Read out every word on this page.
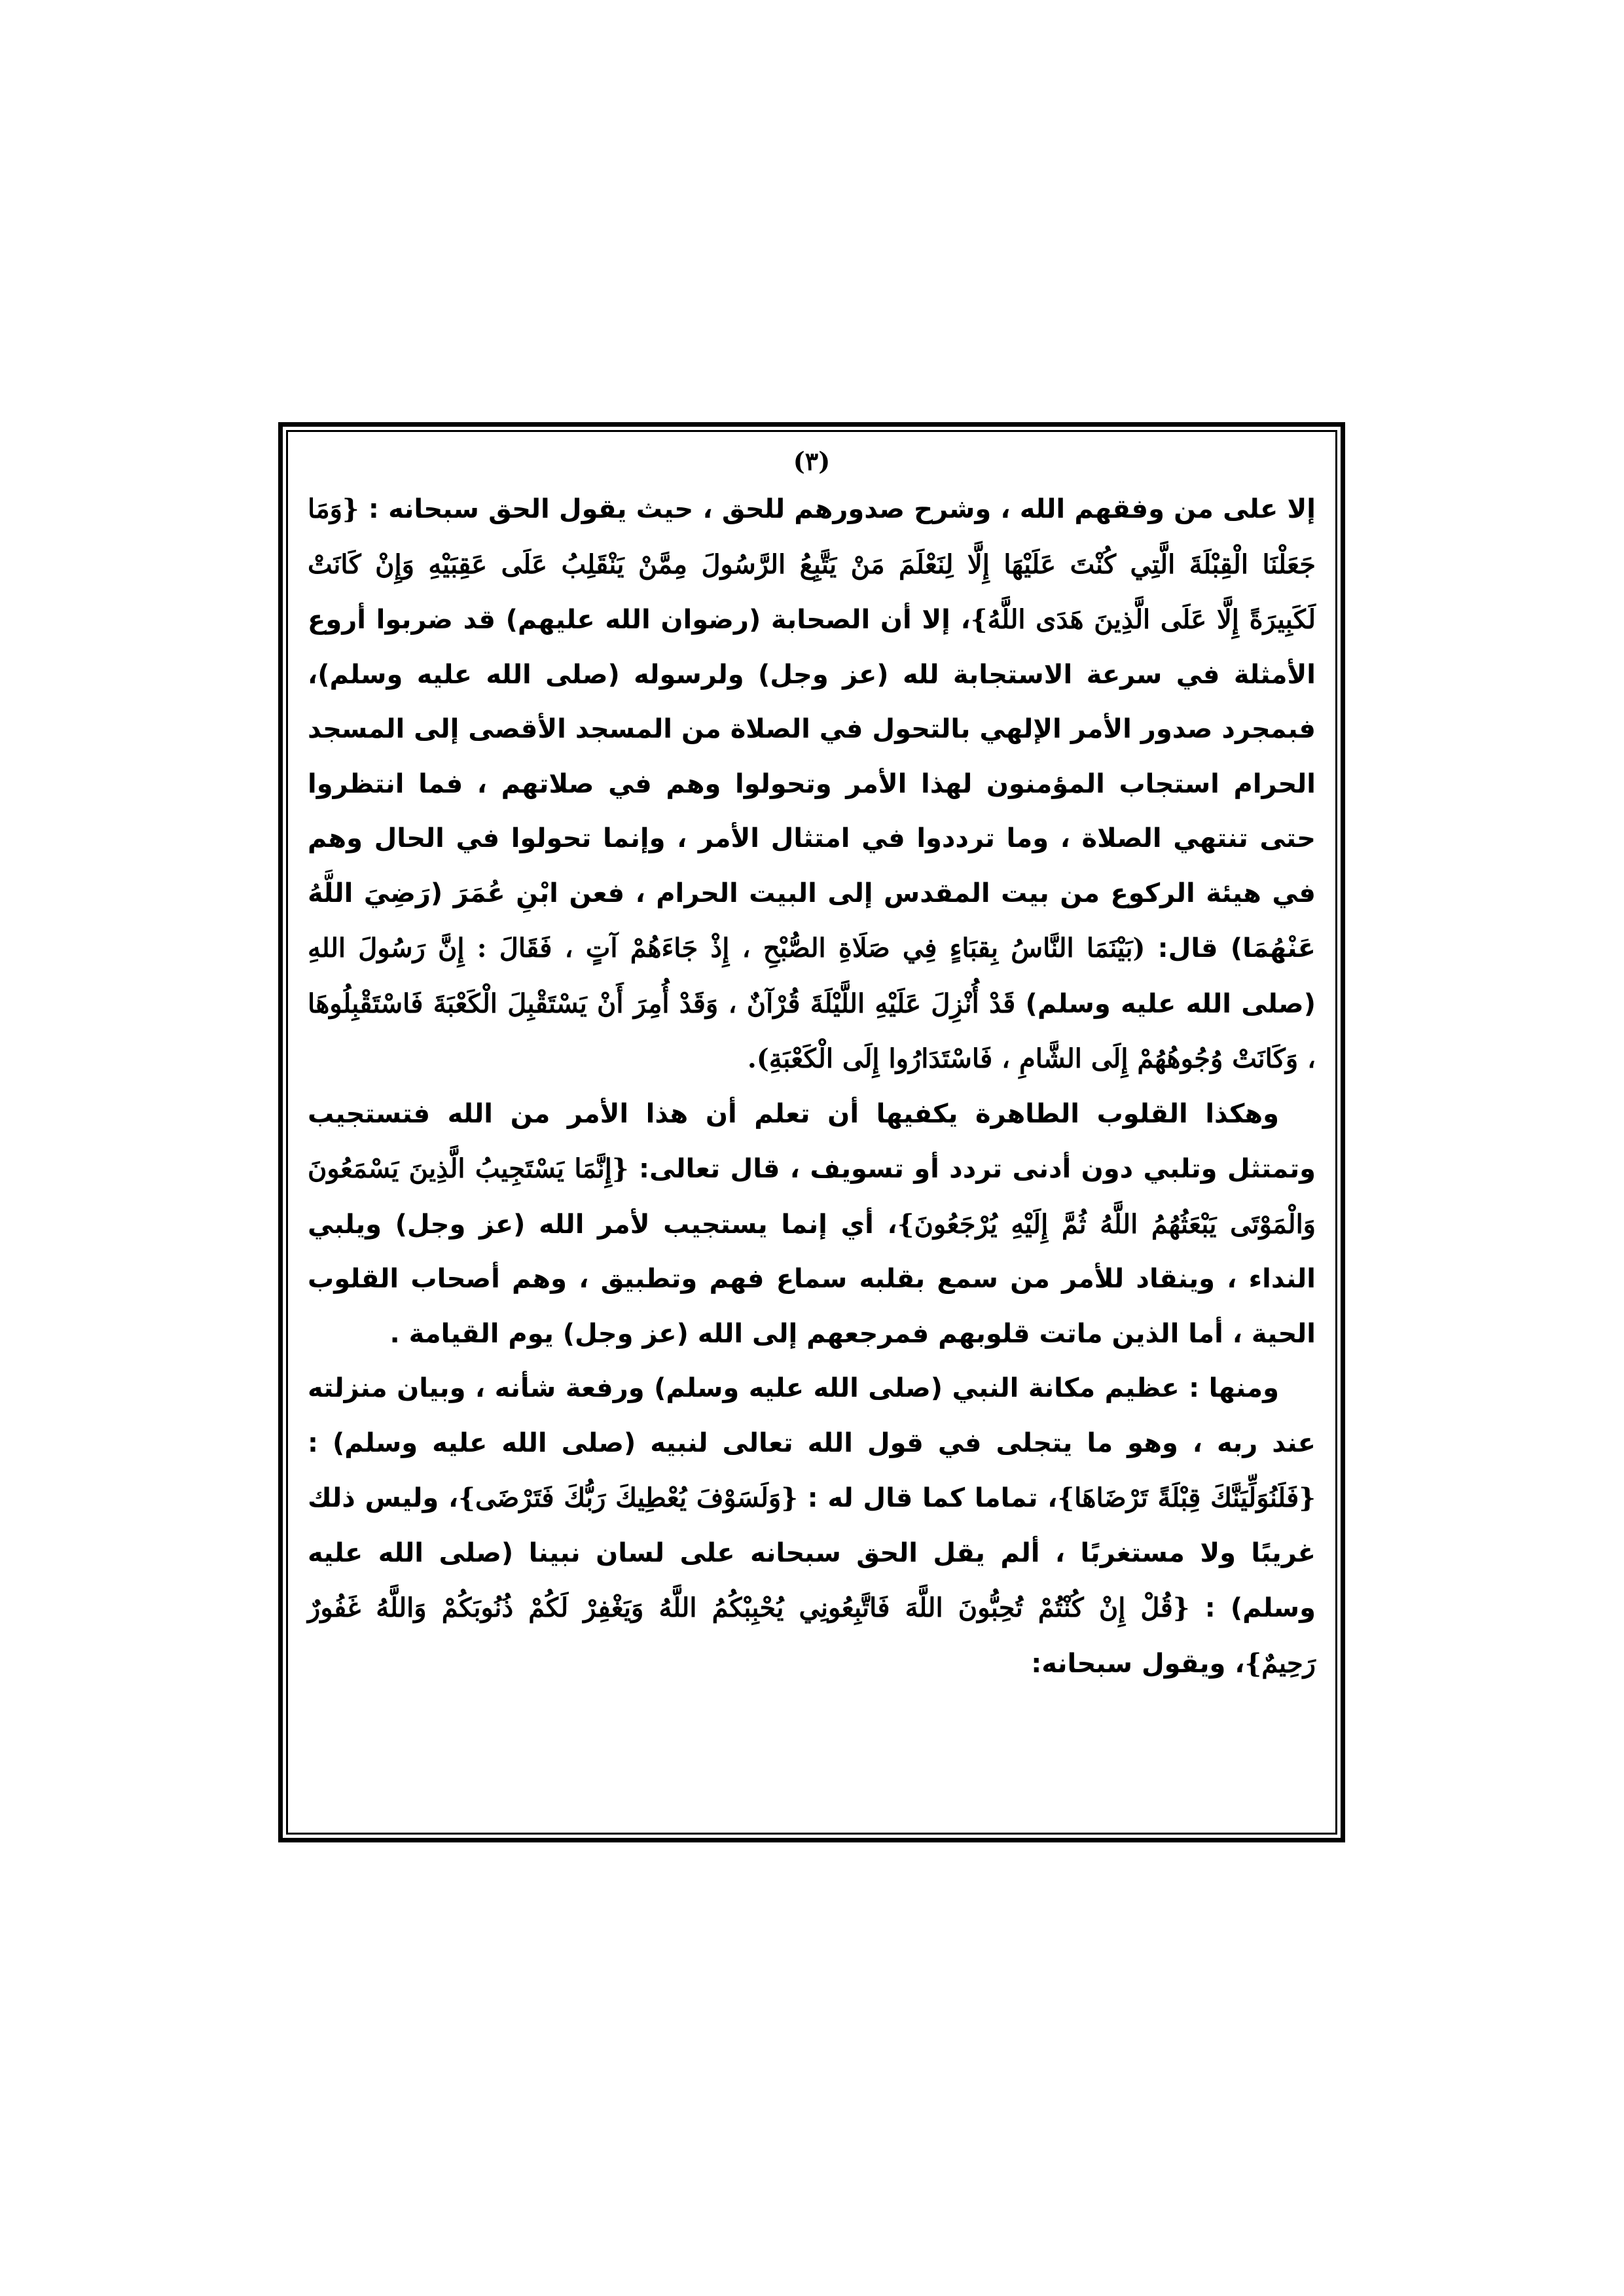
(٣)

إلا على من وفقهم الله ، وشرح صدورهم للحق ، حيث يقول الحق سبحانه : {وَمَا جَعَلْنَا الْقِبْلَةَ الَّتِي كُنْتَ عَلَيْهَا إِلَّا لِنَعْلَمَ مَنْ يَتَّبِعُ الرَّسُولَ مِمَّنْ يَنْقَلِبُ عَلَى عَقِبَيْهِ وَإِنْ كَانَتْ لَكَبِيرَةً إِلَّا عَلَى الَّذِينَ هَدَى اللَّهُ}، إلا أن الصحابة (رضوان الله عليهم) قد ضربوا أروع الأمثلة في سرعة الاستجابة لله (عز وجل) ولرسوله (صلى الله عليه وسلم)، فبمجرد صدور الأمر الإلهي بالتحول في الصلاة من المسجد الأقصى إلى المسجد الحرام استجاب المؤمنون لهذا الأمر وتحولوا وهم في صلاتهم ، فما انتظروا حتى تنتهي الصلاة ، وما ترددوا في امتثال الأمر ، وإنما تحولوا في الحال وهم في هيئة الركوع من بيت المقدس إلى البيت الحرام ، فعن ابْنِ عُمَرَ (رَضِيَ اللَّهُ عَنْهُمَا) قال: (بَيْنَمَا النَّاسُ بِقبَاءٍ فِي صَلَاةِ الصُّبْحِ ، إِذْ جَاءَهُمْ آتٍ ، فَقَالَ : إِنَّ رَسُولَ اللهِ (صلى الله عليه وسلم) قَدْ أُنْزِلَ عَلَيْهِ اللَّيْلَةَ قُرْآنٌ ، وَقَدْ أُمِرَ أَنْ يَسْتَقْبِلَ الْكَعْبَةَ فَاسْتَقْبِلُوهَا ، وَكَانَتْ وُجُوهُهُمْ إِلَى الشَّامِ ، فَاسْتَدَارُوا إِلَى الْكَعْبَةِ).

وهكذا القلوب الطاهرة يكفيها أن تعلم أن هذا الأمر من الله فتستجيب وتمتثل وتلبي دون أدنى تردد أو تسويف ، قال تعالى: {إِنَّمَا يَسْتَجِيبُ الَّذِينَ يَسْمَعُونَ وَالْمَوْتَى يَبْعَثُهُمُ اللَّهُ ثُمَّ إِلَيْهِ يُرْجَعُونَ}، أي إنما يستجيب لأمر الله (عز وجل) ويلبي النداء ، وينقاد للأمر من سمع بقلبه سماع فهم وتطبيق ، وهم أصحاب القلوب الحية ، أما الذين ماتت قلوبهم فمرجعهم إلى الله (عز وجل) يوم القيامة .

ومنها : عظيم مكانة النبي (صلى الله عليه وسلم) ورفعة شأنه ، وبيان منزلته عند ربه ، وهو ما يتجلى في قول الله تعالى لنبيه (صلى الله عليه وسلم) : {فَلَنُوَلِّيَنَّكَ قِبْلَةً تَرْضَاهَا}، تماما كما قال له : {وَلَسَوْفَ يُعْطِيكَ رَبُّكَ فَتَرْضَى}، وليس ذلك غريبًا ولا مستغربًا ، ألم يقل الحق سبحانه على لسان نبينا (صلى الله عليه وسلم) : {قُلْ إِنْ كُنْتُمْ تُحِبُّونَ اللَّهَ فَاتَّبِعُونِي يُحْبِبْكُمُ اللَّهُ وَيَغْفِرْ لَكُمْ ذُنُوبَكُمْ وَاللَّهُ غَفُورٌ رَحِيمٌ}، ويقول سبحانه:
